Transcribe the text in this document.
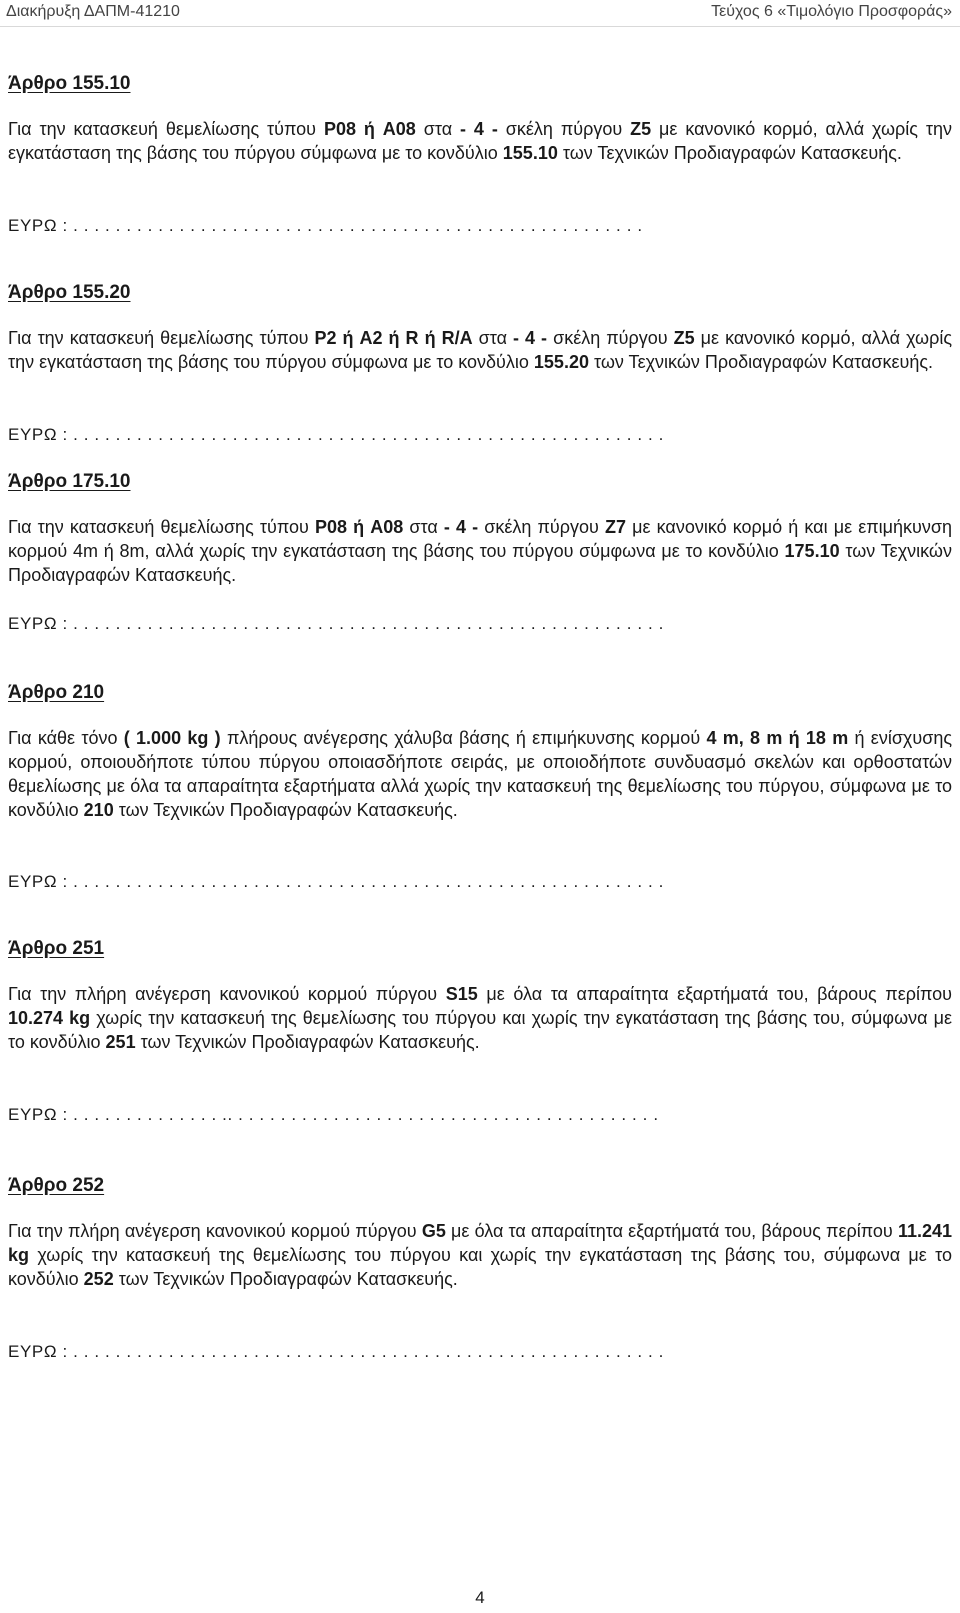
Διακήρυξη ΔΑΠΜ-41210	Τεύχος 6 «Τιμολόγιο Προσφοράς»

Άρθρο 155.10

Για την κατασκευή θεμελίωσης τύπου P08 ή A08 στα - 4 - σκέλη πύργου Ζ5 με κανονικό κορμό, αλλά χωρίς την εγκατάσταση της βάσης του πύργου σύμφωνα με το κονδύλιο 155.10 των Τεχνικών Προδιαγραφών Κατασκευής.

ΕΥΡΩ : . . . . . . . . . . . . . . . . . . . . . . . . . . . . . . . . . . . . . . . . . . . . . . . . . . . . . .

Άρθρο 155.20

Για την κατασκευή θεμελίωσης τύπου P2 ή A2 ή R ή R/A στα - 4 - σκέλη πύργου Ζ5 με κανονικό κορμό, αλλά χωρίς την εγκατάσταση της βάσης του πύργου σύμφωνα με το κονδύλιο 155.20 των Τεχνικών Προδιαγραφών Κατασκευής.

ΕΥΡΩ : . . . . . . . . . . . . . . . . . . . . . . . . . . . . . . . . . . . . . . . . . . . . . . . . . . . . . . . .

Άρθρο 175.10

Για την κατασκευή θεμελίωσης τύπου P08 ή A08 στα - 4 - σκέλη πύργου Ζ7 με κανονικό κορμό ή και με επιμήκυνση κορμού 4m ή 8m, αλλά χωρίς την εγκατάσταση της βάσης του πύργου σύμφωνα με το κονδύλιο 175.10 των Τεχνικών Προδιαγραφών Κατασκευής.

ΕΥΡΩ : . . . . . . . . . . . . . . . . . . . . . . . . . . . . . . . . . . . . . . . . . . . . . . . . . . . . . . . .

Άρθρο 210

Για κάθε τόνο ( 1.000 kg ) πλήρους ανέγερσης χάλυβα βάσης ή επιμήκυνσης κορμού 4 m, 8 m ή 18 m ή ενίσχυσης κορμού, οποιουδήποτε τύπου πύργου οποιασδήποτε σειράς, με οποιοδήποτε συνδυασμό σκελών και ορθοστατών θεμελίωσης με όλα τα απαραίτητα εξαρτήματα αλλά χωρίς την κατασκευή της θεμελίωσης του πύργου, σύμφωνα με το κονδύλιο 210 των Τεχνικών Προδιαγραφών Κατασκευής.

ΕΥΡΩ : . . . . . . . . . . . . . . . . . . . . . . . . . . . . . . . . . . . . . . . . . . . . . . . . . . . . . . . .

Άρθρο 251

Για την πλήρη ανέγερση κανονικού κορμού πύργου S15 με όλα τα απαραίτητα εξαρτήματά του, βάρους περίπου 10.274 kg χωρίς την κατασκευή της θεμελίωσης του πύργου και χωρίς την εγκατάσταση της βάσης του, σύμφωνα με το κονδύλιο 251 των Τεχνικών Προδιαγραφών Κατασκευής.

ΕΥΡΩ : . . . . . . . . . . . . . . .. . . . . . . . . . . . . . . . . . . . . . . . . . . . . . . . . . . . . . . . .

Άρθρο 252

Για την πλήρη ανέγερση κανονικού κορμού πύργου G5 με όλα τα απαραίτητα εξαρτήματά του, βάρους περίπου 11.241 kg χωρίς την κατασκευή της θεμελίωσης του πύργου και χωρίς την εγκατάσταση της βάσης του, σύμφωνα με το κονδύλιο 252 των Τεχνικών Προδιαγραφών Κατασκευής.

ΕΥΡΩ : . . . . . . . . . . . . . . . . . . . . . . . . . . . . . . . . . . . . . . . . . . . . . . . . . . . . . . . .
4
